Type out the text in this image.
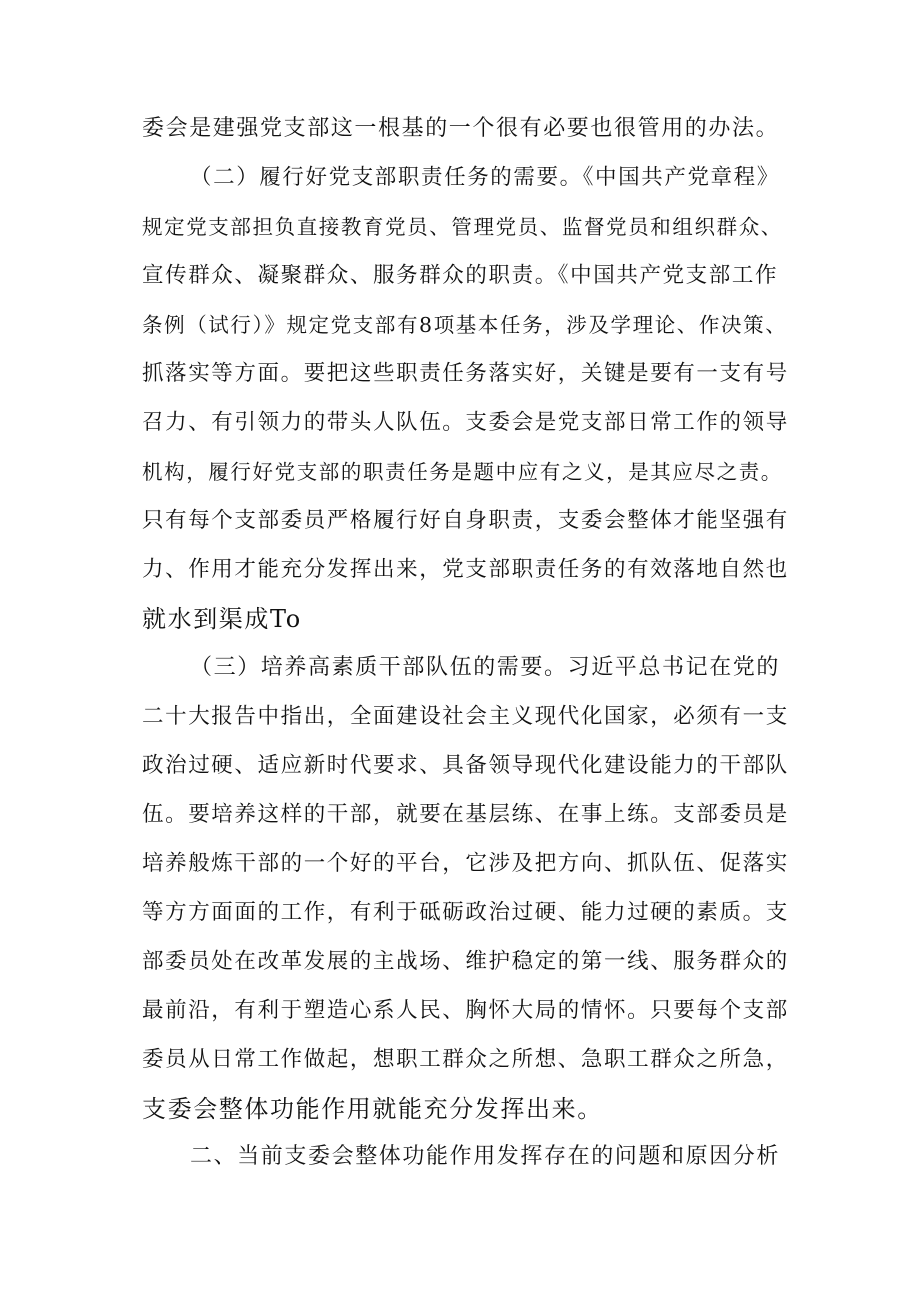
委会是建强党支部这一根基的一个很有必要也很管用的办法。
（二）履行好党支部职责任务的需要。《中国共产党章程》
规定党支部担负直接教育党员、管理党员、监督党员和组织群众、
宣传群众、凝聚群众、服务群众的职责。《中国共产党支部工作
条例（试行）》规定党支部有8项基本任务，涉及学理论、作决策、
抓落实等方面。要把这些职责任务落实好，关键是要有一支有号
召力、有引领力的带头人队伍。支委会是党支部日常工作的领导
机构，履行好党支部的职责任务是题中应有之义，是其应尽之责。
只有每个支部委员严格履行好自身职责，支委会整体才能坚强有
力、作用才能充分发挥出来，党支部职责任务的有效落地自然也
就水到渠成To
（三）培养高素质干部队伍的需要。习近平总书记在党的
二十大报告中指出，全面建设社会主义现代化国家，必须有一支
政治过硬、适应新时代要求、具备领导现代化建设能力的干部队
伍。要培养这样的干部，就要在基层练、在事上练。支部委员是
培养般炼干部的一个好的平台，它涉及把方向、抓队伍、促落实
等方方面面的工作，有利于砥砺政治过硬、能力过硬的素质。支
部委员处在改革发展的主战场、维护稳定的第一线、服务群众的
最前沿，有利于塑造心系人民、胸怀大局的情怀。只要每个支部
委员从日常工作做起，想职工群众之所想、急职工群众之所急，
支委会整体功能作用就能充分发挥出来。
二、当前支委会整体功能作用发挥存在的问题和原因分析
